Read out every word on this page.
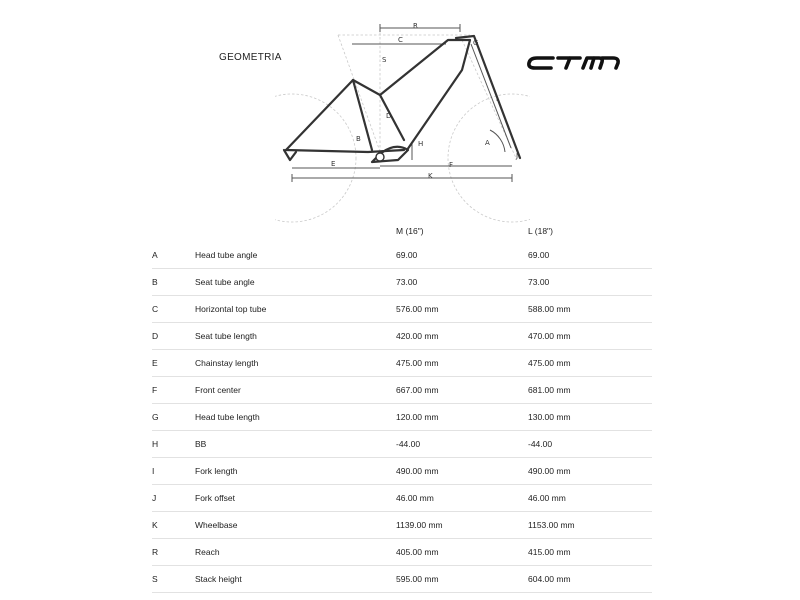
GEOMETRIA
R
C	G
S
I
D
B
H	A
J
E	F
K
		M (16")	L (18")
A	Head tube angle	69.00	69.00
B	Seat tube angle	73.00	73.00
C	Horizontal top tube	576.00 mm	588.00 mm
D	Seat tube length	420.00 mm	470.00 mm
E	Chainstay length	475.00 mm	475.00 mm
F	Front center	667.00 mm	681.00 mm
G	Head tube length	120.00 mm	130.00 mm
H	BB	-44.00	-44.00
I	Fork length	490.00 mm	490.00 mm
J	Fork offset	46.00 mm	46.00 mm
K	Wheelbase	1139.00 mm	1153.00 mm
R	Reach	405.00 mm	415.00 mm
S	Stack height	595.00 mm	604.00 mm
